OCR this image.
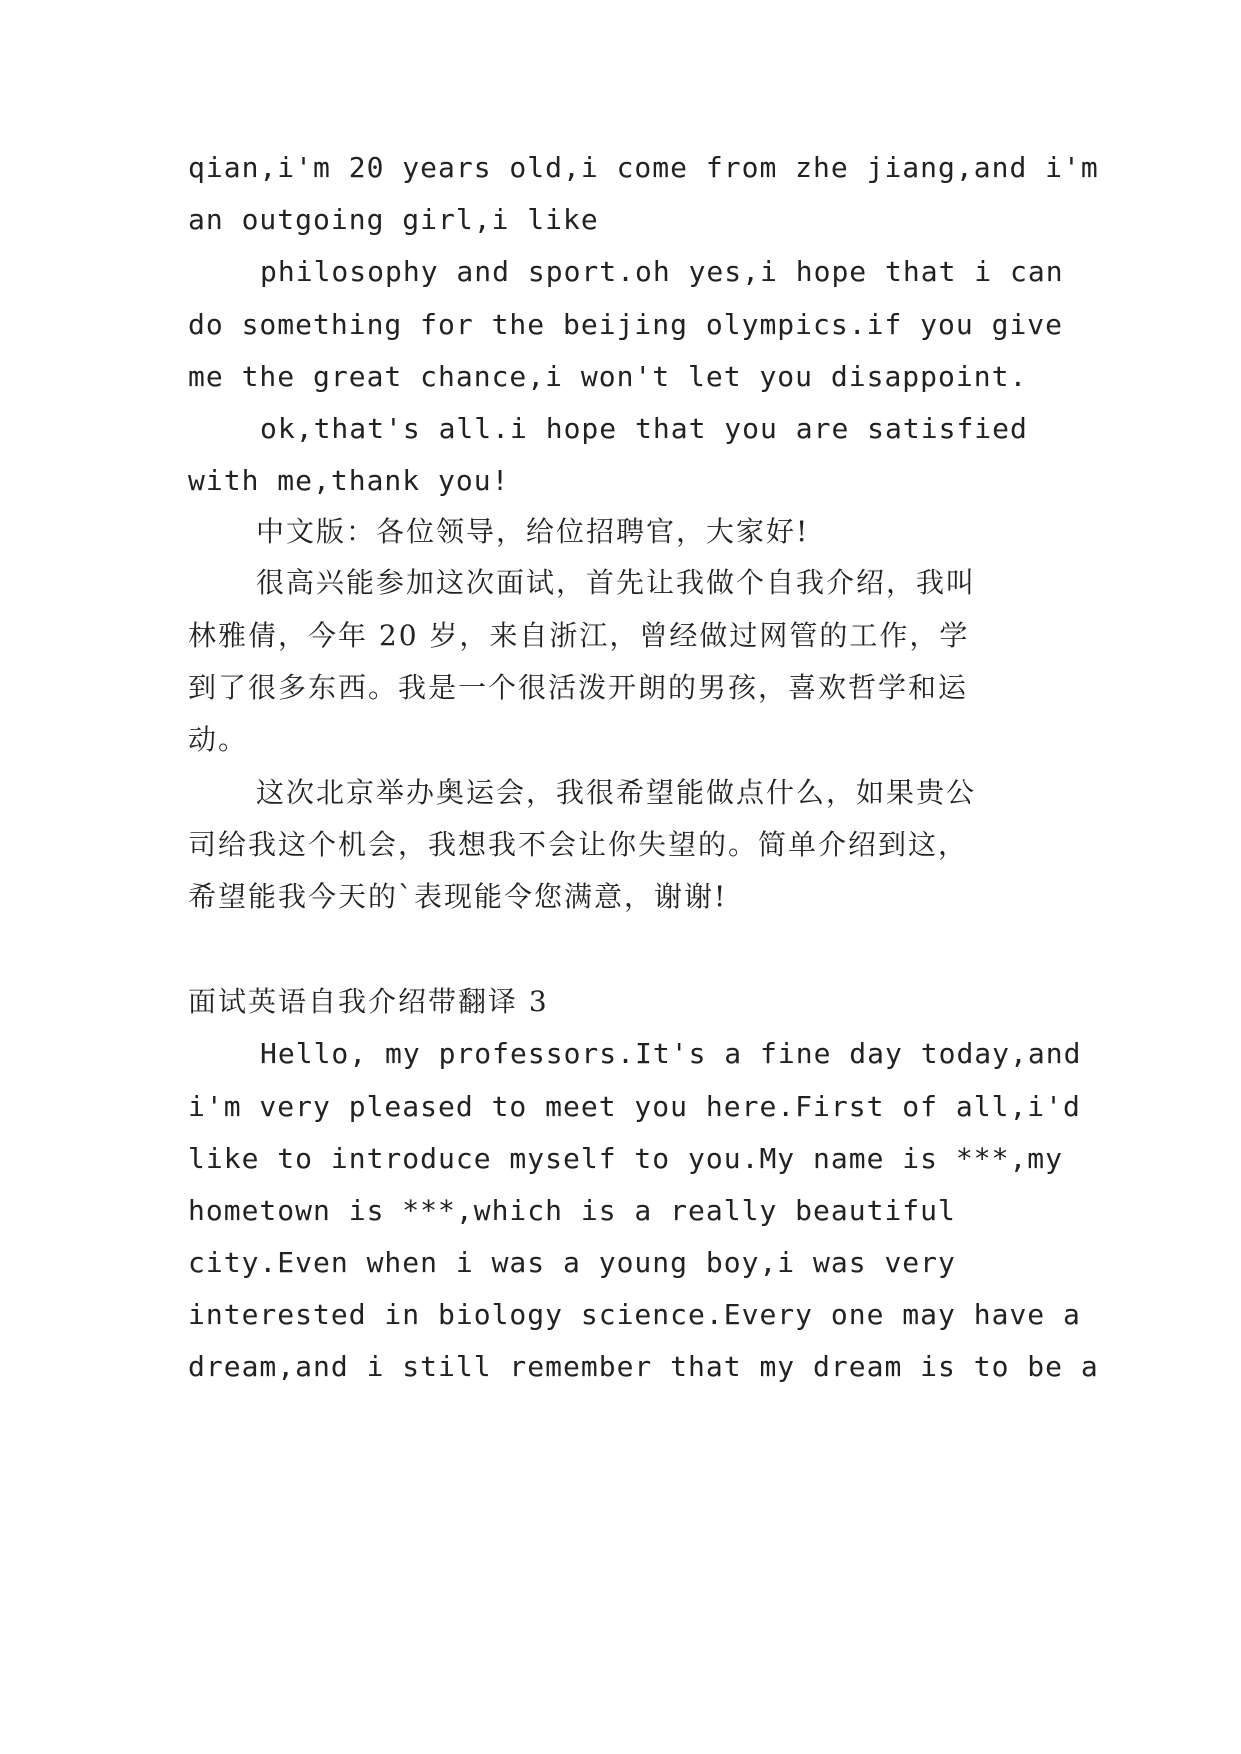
qian,i'm 20 years old,i come from zhe jiang,and i'm

an outgoing girl,i like

philosophy and sport.oh yes,i hope that i can

do something for the beijing olympics.if you give

me the great chance,i won't let you disappoint.

ok,that's all.i hope that you are satisfied

with me,thank you!

中文版：各位领导，给位招聘官，大家好!

很高兴能参加这次面试，首先让我做个自我介绍，我叫

林雅倩，今年 20 岁，来自浙江，曾经做过网管的工作，学

到了很多东西。我是一个很活泼开朗的男孩，喜欢哲学和运

动。

这次北京举办奥运会，我很希望能做点什么，如果贵公

司给我这个机会，我想我不会让你失望的。简单介绍到这，

希望能我今天的`表现能令您满意，谢谢!

面试英语自我介绍带翻译 3

Hello, my professors.It's a fine day today,and

i'm very pleased to meet you here.First of all,i'd

like to introduce myself to you.My name is ***,my

hometown is ***,which is a really beautiful

city.Even when i was a young boy,i was very

interested in biology science.Every one may have a

dream,and i still remember that my dream is to be a
